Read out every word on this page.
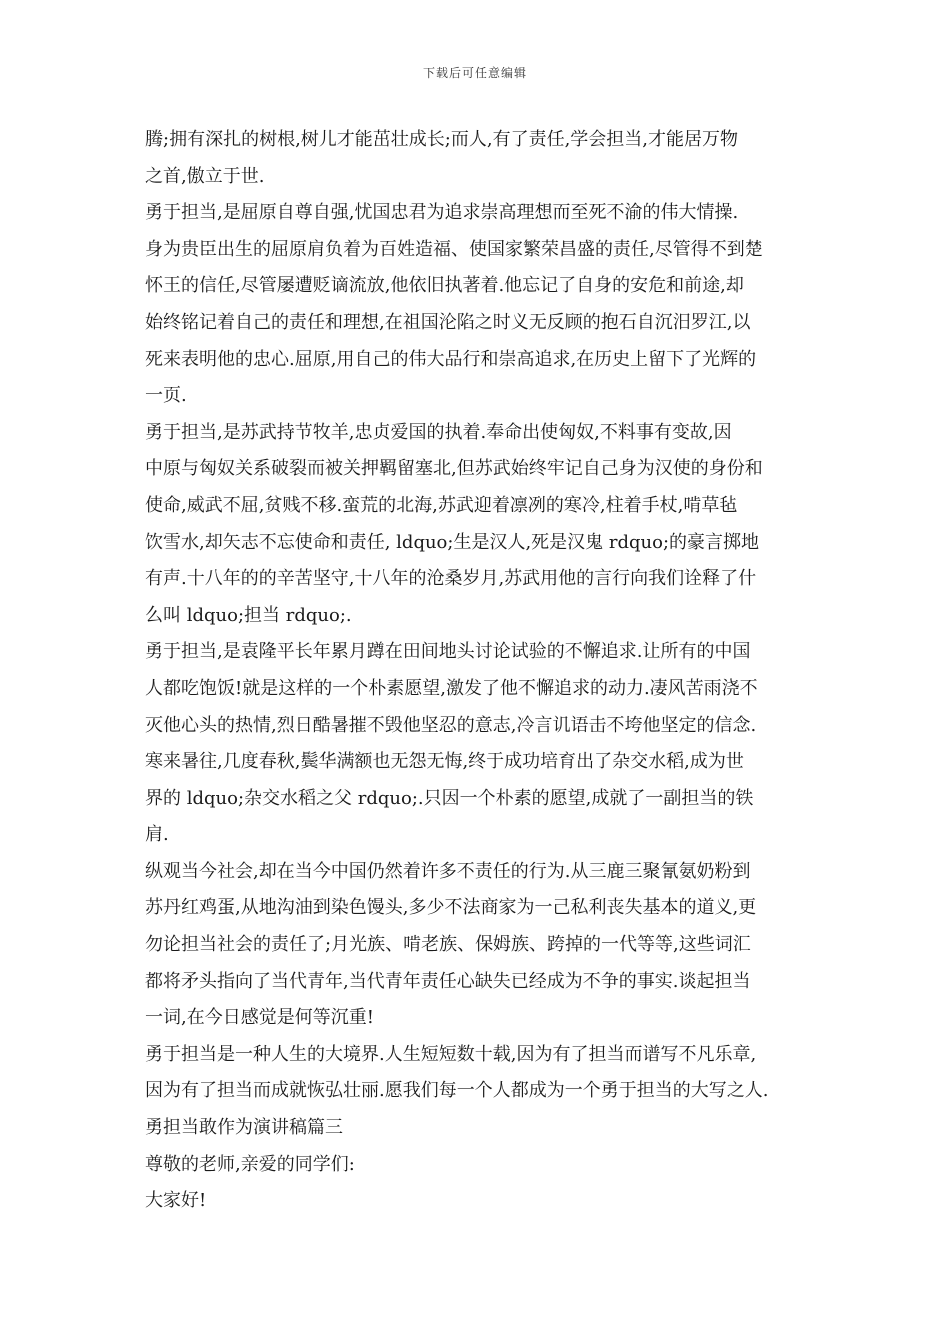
下载后可任意编辑
腾;拥有深扎的树根,树儿才能茁壮成长;而人,有了责任,学会担当,才能居万物
之首,傲立于世.
勇于担当,是屈原自尊自强,忧国忠君为追求崇高理想而至死不渝的伟大情操.
身为贵臣出生的屈原肩负着为百姓造福、使国家繁荣昌盛的责任,尽管得不到楚
怀王的信任,尽管屡遭贬谪流放,他依旧执著着.他忘记了自身的安危和前途,却
始终铭记着自己的责任和理想,在祖国沦陷之时义无反顾的抱石自沉汨罗江,以
死来表明他的忠心.屈原,用自己的伟大品行和崇高追求,在历史上留下了光辉的
一页.
勇于担当,是苏武持节牧羊,忠贞爱国的执着.奉命出使匈奴,不料事有变故,因
中原与匈奴关系破裂而被关押羁留塞北,但苏武始终牢记自己身为汉使的身份和
使命,威武不屈,贫贱不移.蛮荒的北海,苏武迎着凛冽的寒冷,柱着手杖,啃草毡
饮雪水,却矢志不忘使命和责任, ldquo;生是汉人,死是汉鬼 rdquo;的豪言掷地
有声.十八年的的辛苦坚守,十八年的沧桑岁月,苏武用他的言行向我们诠释了什
么叫 ldquo;担当 rdquo;.
勇于担当,是袁隆平长年累月蹲在田间地头讨论试验的不懈追求.让所有的中国
人都吃饱饭!就是这样的一个朴素愿望,激发了他不懈追求的动力.凄风苦雨浇不
灭他心头的热情,烈日酷暑摧不毁他坚忍的意志,冷言讥语击不垮他坚定的信念.
寒来暑往,几度春秋,鬓华满额也无怨无悔,终于成功培育出了杂交水稻,成为世
界的 ldquo;杂交水稻之父 rdquo;.只因一个朴素的愿望,成就了一副担当的铁
肩.
纵观当今社会,却在当今中国仍然着许多不责任的行为.从三鹿三聚氰氨奶粉到
苏丹红鸡蛋,从地沟油到染色馒头,多少不法商家为一己私利丧失基本的道义,更
勿论担当社会的责任了;月光族、啃老族、保姆族、跨掉的一代等等,这些词汇
都将矛头指向了当代青年,当代青年责任心缺失已经成为不争的事实.谈起担当
一词,在今日感觉是何等沉重!
勇于担当是一种人生的大境界.人生短短数十载,因为有了担当而谱写不凡乐章,
因为有了担当而成就恢弘壮丽.愿我们每一个人都成为一个勇于担当的大写之人.
勇担当敢作为演讲稿篇三
尊敬的老师,亲爱的同学们:
大家好!
